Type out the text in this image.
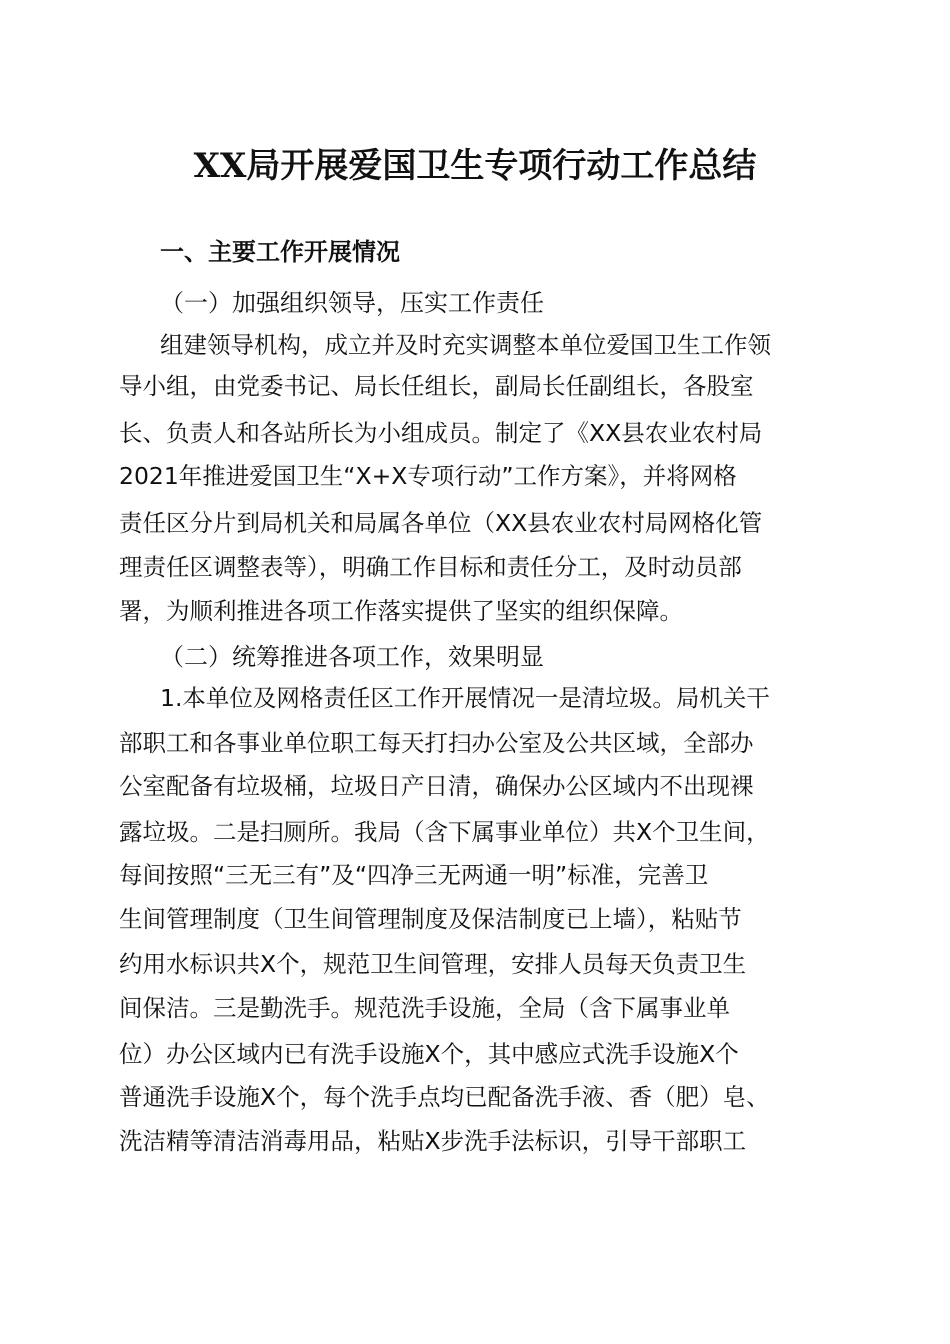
XX局开展爱国卫生专项行动工作总结
一、主要工作开展情况
（一）加强组织领导，压实工作责任
组建领导机构，成立并及时充实调整本单位爱国卫生工作领
导小组，由党委书记、局长任组长，副局长任副组长，各股室
长、负责人和各站所长为小组成员。制定了《XX县农业农村局
2021年推进爱国卫生“X+X专项行动”工作方案》，并将网格
责任区分片到局机关和局属各单位（XX县农业农村局网格化管
理责任区调整表等），明确工作目标和责任分工，及时动员部
署，为顺利推进各项工作落实提供了坚实的组织保障。
（二）统筹推进各项工作，效果明显
1.本单位及网格责任区工作开展情况一是清垃圾。局机关干
部职工和各事业单位职工每天打扫办公室及公共区域，全部办
公室配备有垃圾桶，垃圾日产日清，确保办公区域内不出现裸
露垃圾。二是扫厕所。我局（含下属事业单位）共X个卫生间，
每间按照“三无三有”及“四净三无两通一明”标准，完善卫
生间管理制度（卫生间管理制度及保洁制度已上墙），粘贴节
约用水标识共X个，规范卫生间管理，安排人员每天负责卫生
间保洁。三是勤洗手。规范洗手设施，全局（含下属事业单
位）办公区域内已有洗手设施X个，其中感应式洗手设施X个
普通洗手设施X个，每个洗手点均已配备洗手液、香（肥）皂、
洗洁精等清洁消毒用品，粘贴X步洗手法标识，引导干部职工
